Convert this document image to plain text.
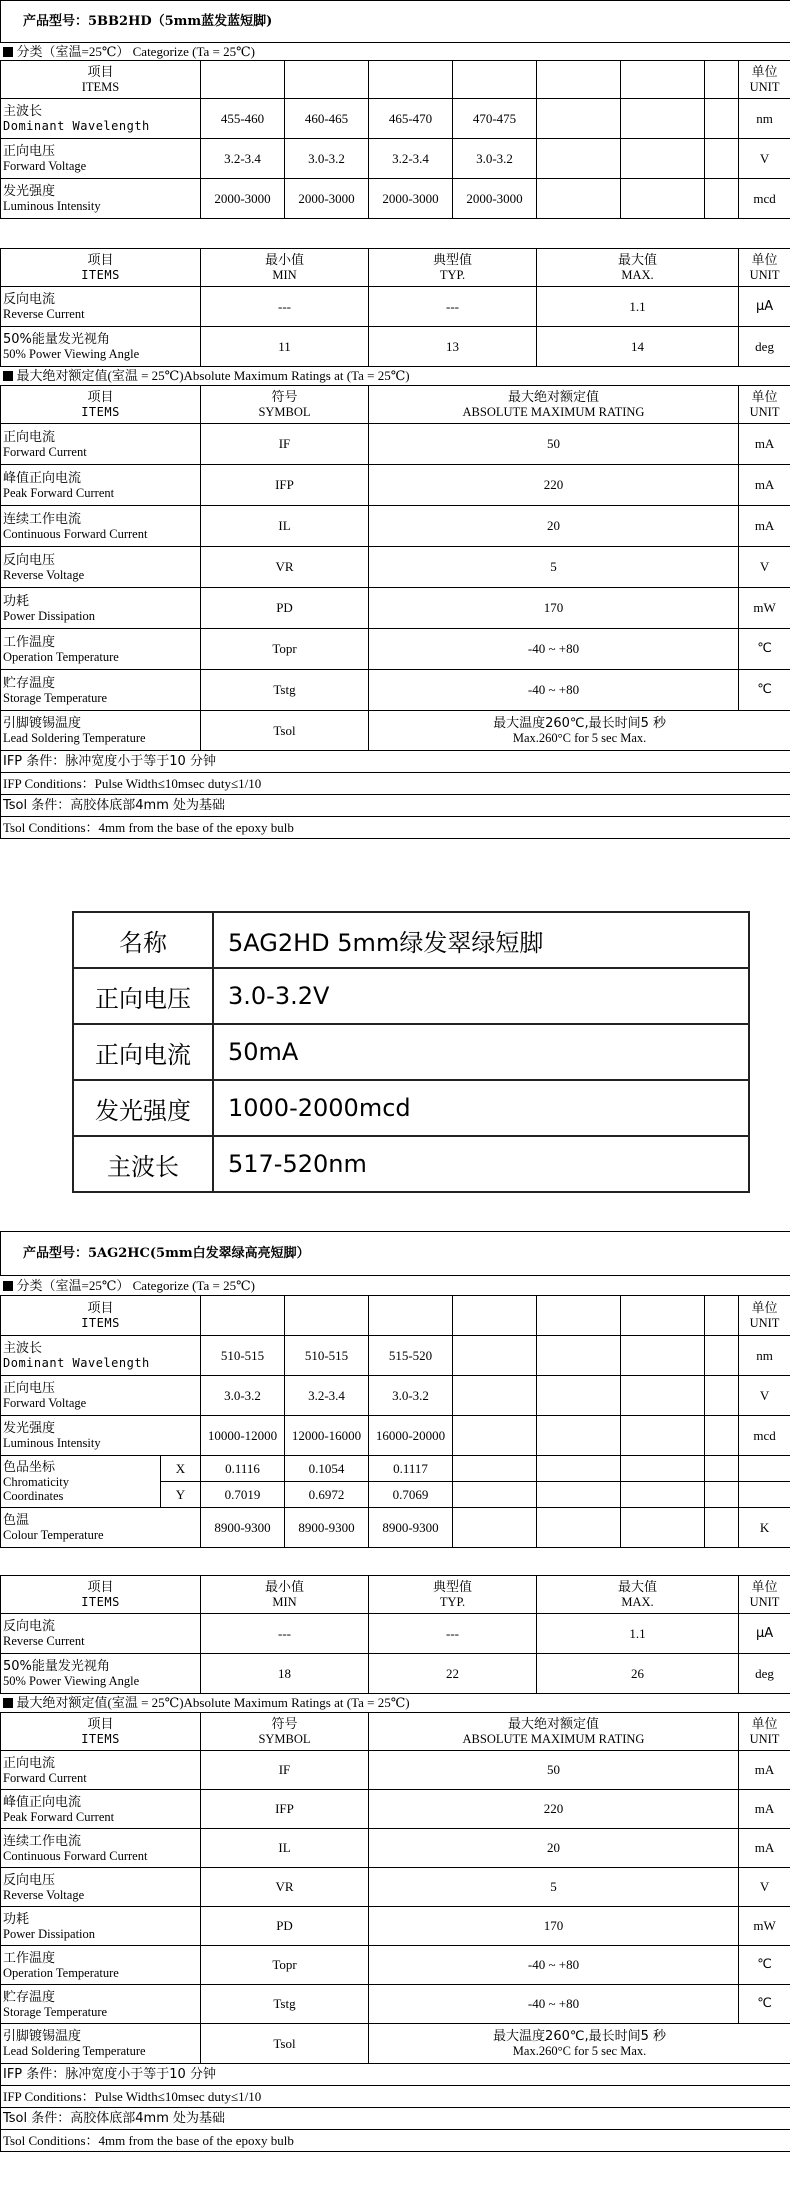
产品型号：5BB2HD（5mm蓝发蓝短脚)								
分类（室温=25℃） Categorize (Ta = 25℃)								

项目
ITEMS								单位
UNIT

主波长
Dominant Wavelength	455-460	460-465	465-470	470-475				nm

正向电压
Forward Voltage	3.2-3.4	3.0-3.2	3.2-3.4	3.0-3.2				V

发光强度
Luminous Intensity	2000-3000	2000-3000	2000-3000	2000-3000				mcd

项目
ITEMS	最小值
MIN		典型值
TYP.		最大值
MAX.			单位
UNIT

反向电流
Reverse Current	---		---		1.1			μA

50%能量发光视角
50% Power Viewing Angle	11		13		14			deg
最大绝对额定值(室温 = 25℃)Absolute Maximum Ratings at (Ta = 25℃)								

项目
ITEMS	符号
SYMBOL		最大绝对额定值
ABSOLUTE MAXIMUM RATING					单位
UNIT

正向电流
Forward Current	IF		50					mA

峰值正向电流
Peak Forward Current	IFP		220					mA

连续工作电流
Continuous Forward Current	IL		20					mA

反向电压
Reverse Voltage	VR		5					V

功耗
Power Dissipation	PD		170					mW

工作温度
Operation Temperature	Topr		-40 ~ +80					℃

贮存温度
Storage Temperature	Tstg		-40 ~ +80					℃

引脚镀锡温度
Lead Soldering Temperature	Tsol		最大温度260℃,最长时间5 秒
Max.260°C for 5 sec Max.					

IFP 条件：脉冲宽度小于等于10 分钟								

IFP Conditions：Pulse Width≤10msec duty≤1/10								

Tsol 条件：高胶体底部4mm 处为基础								

Tsol Conditions：4mm from the base of the epoxy bulb								
名称	5AG2HD 5mm绿发翠绿短脚
正向电压	3.0-3.2V
正向电流	50mA
发光强度	1000-2000mcd
主波长	517-520nm
产品型号：5AG2HC(5mm白发翠绿高亮短脚）									
分类（室温=25℃） Categorize (Ta = 25℃)									

项目
ITEMS									单位
UNIT

主波长
Dominant Wavelength		510-515	510-515	515-520					nm

正向电压
Forward Voltage		3.0-3.2	3.2-3.4	3.0-3.2					V

发光强度
Luminous Intensity		10000-12000	12000-16000	16000-20000					mcd

色品坐标
Chromaticity
Coordinates	X	0.1116	0.1054	0.1117					
	Y	0.7019	0.6972	0.7069					

色温
Colour Temperature		8900-9300	8900-9300	8900-9300					K

项目
ITEMS		最小值
MIN		典型值
TYP.		最大值
MAX.			单位
UNIT

反向电流
Reverse Current		---		---		1.1			μA

50%能量发光视角
50% Power Viewing Angle		18		22		26			deg
最大绝对额定值(室温 = 25℃)Absolute Maximum Ratings at (Ta = 25℃)									

项目
ITEMS		符号
SYMBOL		最大绝对额定值
ABSOLUTE MAXIMUM RATING					单位
UNIT

正向电流
Forward Current		IF		50					mA

峰值正向电流
Peak Forward Current		IFP		220					mA

连续工作电流
Continuous Forward Current		IL		20					mA

反向电压
Reverse Voltage		VR		5					V

功耗
Power Dissipation		PD		170					mW

工作温度
Operation Temperature		Topr		-40 ~ +80					℃

贮存温度
Storage Temperature		Tstg		-40 ~ +80					℃

引脚镀锡温度
Lead Soldering Temperature		Tsol		最大温度260℃,最长时间5 秒
Max.260°C for 5 sec Max.					

IFP 条件：脉冲宽度小于等于10 分钟									

IFP Conditions：Pulse Width≤10msec duty≤1/10									

Tsol 条件：高胶体底部4mm 处为基础									

Tsol Conditions：4mm from the base of the epoxy bulb									
